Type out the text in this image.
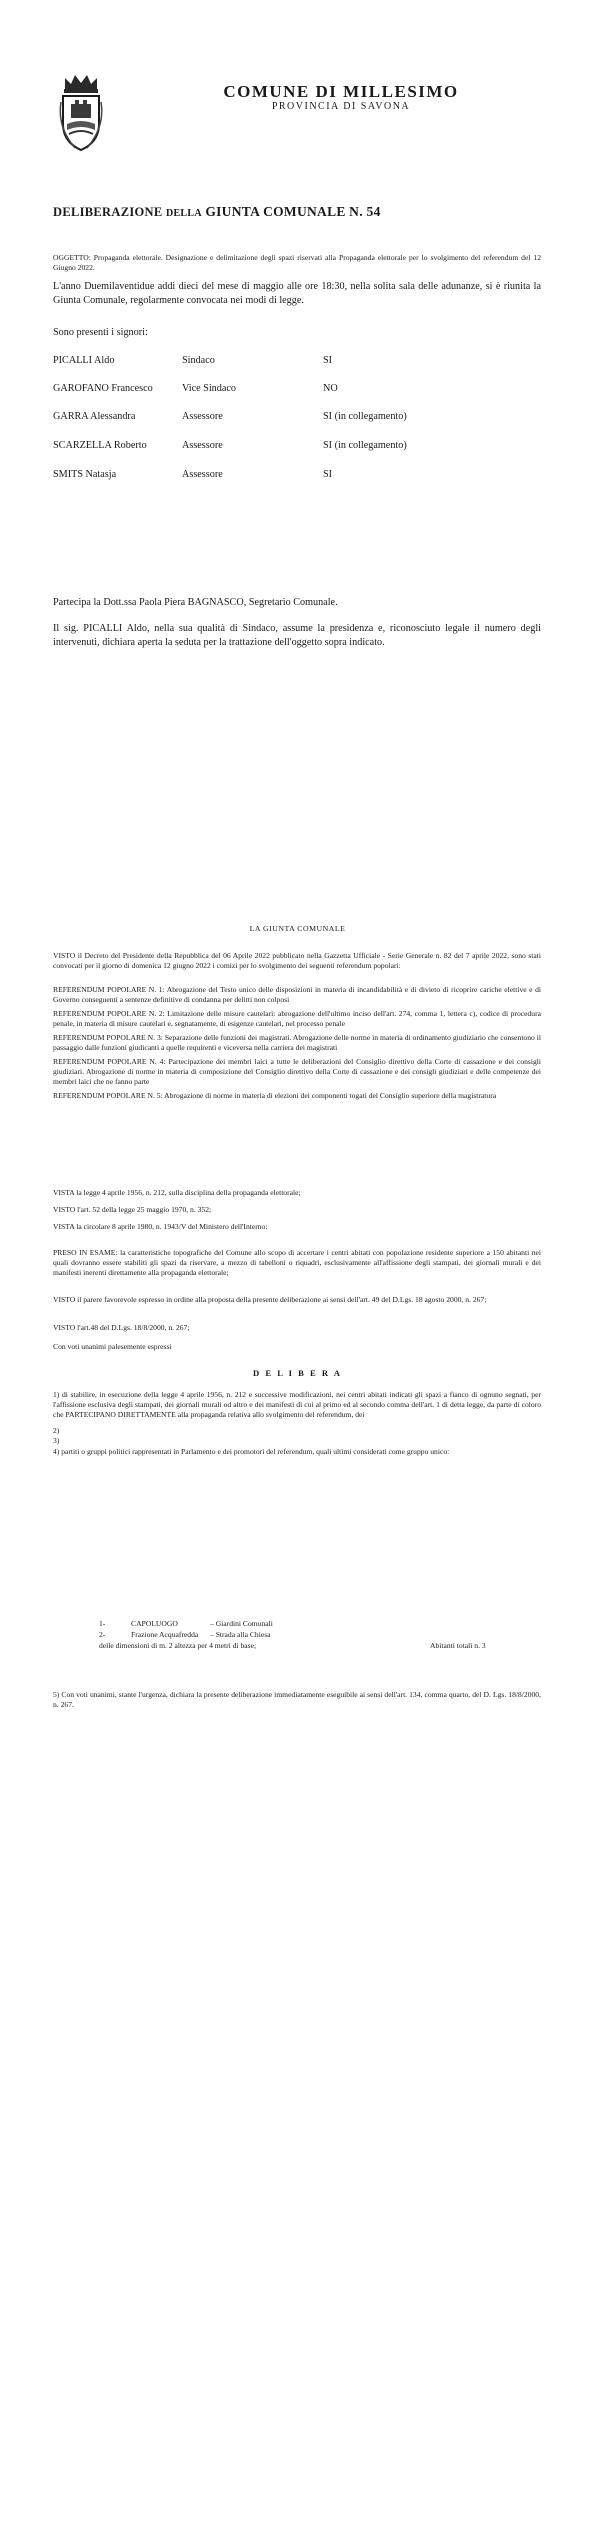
COMUNE DI MILLESIMO
PROVINCIA DI SAVONA
DELIBERAZIONE DELLA GIUNTA COMUNALE N. 54
OGGETTO: Propaganda elettorale. Designazione e delimitazione degli spazi riservati alla Propaganda elettorale per lo svolgimento del referendum del 12 Giugno 2022.
L'anno Duemilaventidue addì dieci del mese di maggio alle ore 18:30, nella solita sala delle adunanze, si è riunita la Giunta Comunale, regolarmente convocata nei modi di legge.
Sono presenti i signori:
PICALLI Aldo	Sindaco	SI
GAROFANO Francesco	Vice Sindaco	NO
GARRA Alessandra	Assessore	SI (in collegamento)
SCARZELLA Roberto	Assessore	SI (in collegamento)
SMITS Natasja	Assessore	SI
Partecipa la Dott.ssa Paola Piera BAGNASCO, Segretario Comunale.
Il sig. PICALLI Aldo, nella sua qualità di Sindaco, assume la presidenza e, riconosciuto legale il numero degli intervenuti, dichiara aperta la seduta per la trattazione dell'oggetto sopra indicato.
LA GIUNTA COMUNALE
VISTO il Decreto del Presidente della Repubblica del 06 Aprile 2022 pubblicato nella Gazzetta Ufficiale - Serie Generale n. 82 del 7 aprile 2022, sono stati convocati per il giorno di domenica 12 giugno 2022 i comizi per lo svolgimento dei seguenti referendum popolari:
REFERENDUM POPOLARE N. 1: Abrogazione del Testo unico delle disposizioni in materia di incandidabilità e di divieto di ricoprire cariche elettive e di Governo conseguenti a sentenze definitive di condanna per delitti non colposi
REFERENDUM POPOLARE N. 2: Limitazione delle misure cautelari: abrogazione dell'ultimo inciso dell'art. 274, comma 1, lettera c), codice di procedura penale, in materia di misure cautelari e, segnatamente, di esigenze cautelari, nel processo penale
REFERENDUM POPOLARE N. 3: Separazione delle funzioni dei magistrati. Abrogazione delle norme in materia di ordinamento giudiziario che consentono il passaggio dalle funzioni giudicanti a quelle requirenti e viceversa nella carriera dei magistrati
REFERENDUM POPOLARE N. 4: Partecipazione dei membri laici a tutte le deliberazioni del Consiglio direttivo della Corte di cassazione e dei consigli giudiziari. Abrogazione di norme in materia di composizione del Consiglio direttivo della Corte di cassazione e dei consigli giudiziari e delle competenze dei membri laici che ne fanno parte
REFERENDUM POPOLARE N. 5: Abrogazione di norme in materia di elezioni dei componenti togati del Consiglio superiore della magistratura
VISTA la legge 4 aprile 1956, n. 212, sulla disciplina della propaganda elettorale;
VISTO l'art. 52 della legge 25 maggio 1970, n. 352;
VISTA la circolare 8 aprile 1980, n. 1943/V del Ministero dell'Interno:
PRESO IN ESAME: la caratteristiche topografiche del Comune allo scopo di accertare i centri abitati con popolazione residente superiore a 150 abitanti nei quali dovranno essere stabiliti gli spazi da riservare, a mezzo di tabelloni o riquadri, esclusivamente all'affissione degli stampati, dei giornali murali e dei manifesti inerenti direttamente alla propaganda elettorale;
VISTO il parere favorevole espresso in ordine alla proposta della presente deliberazione ai sensi dell'art. 49 del D.Lgs. 18 agosto 2000, n. 267;
VISTO l'art.48 del D.Lgs. 18/8/2000, n. 267;
Con voti unanimi palesemente espressi
D E L I B E R A
1) di stabilire, in esecuzione della legge 4 aprile 1956, n. 212 e successive modificazioni, nei centri abitati indicati gli spazi a fianco di ognuno segnati, per l'affissione esclusiva degli stampati, dei giornali murali od altro e dei manifesti di cui al primo ed al secondo comma dell'art. 1 di detta legge, da parte di coloro che PARTECIPANO DIRETTAMENTE alla propaganda relativa allo svolgimento del referendum, dei
2)
3)
4) partiti o gruppi politici rappresentati in Parlamento e dei promotori del referendum, quali ultimi considerati come gruppo unico:
1-	CAPOLUOGO	– Giardini Comunali
2-	Frazione Acquafredda – Strada alla Chiesa
delle dimensioni di m. 2 altezza per 4 metri di base;	Abitanti totali n. 3
5) Con voti unanimi, stante l'urgenza, dichiara la presente deliberazione immediatamente eseguibile ai sensi dell'art. 134, comma quarto, del D. Lgs. 18/8/2000, n. 267.
